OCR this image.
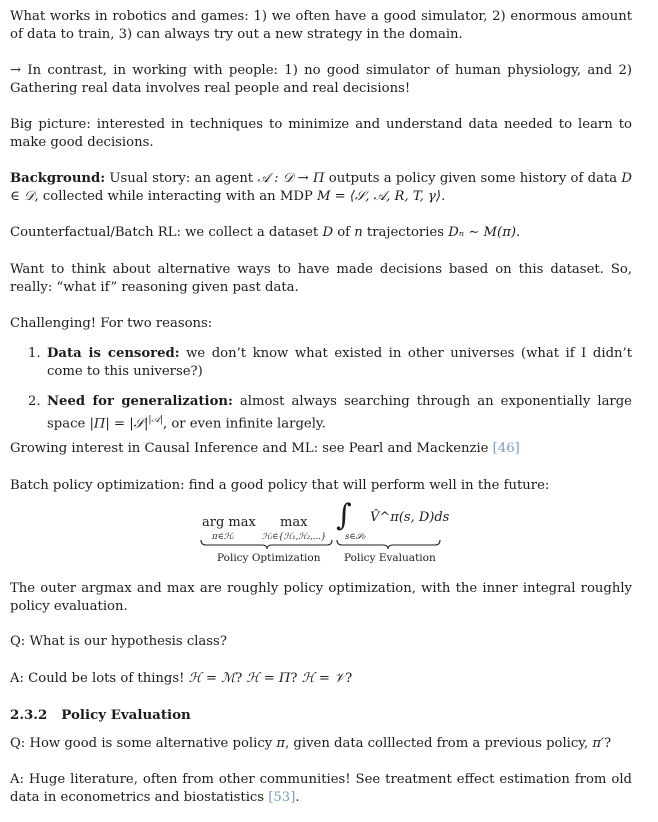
What works in robotics and games: 1) we often have a good simulator, 2) enormous amount of data to train, 3) can always try out a new strategy in the domain.
→ In contrast, in working with people: 1) no good simulator of human physiology, and 2) Gathering real data involves real people and real decisions!
Big picture: interested in techniques to minimize and understand data needed to learn to make good decisions.
Background: Usual story: an agent 𝒜 : 𝒟 → Π outputs a policy given some history of data D ∈ 𝒟, collected while interacting with an MDP M = ⟨𝒮, 𝒜, R, T, γ⟩.
Counterfactual/Batch RL: we collect a dataset D of n trajectories Dₙ ∼ M(π).
Want to think about alternative ways to have made decisions based on this dataset. So, really: “what if” reasoning given past data.
Challenging! For two reasons:
1. Data is censored: we don’t know what existed in other universes (what if I didn’t come to this universe?)
2. Need for generalization: almost always searching through an exponentially large space $|\Pi| = |𝒮|^{|𝒜|}$, or even infinite largely.
Growing interest in Causal Inference and ML: see Pearl and Mackenzie [46]
Batch policy optimization: find a good policy that will perform well in the future:
arg max
π∈ℋᵢ
max
ℋᵢ∈{ℋ₁,ℋ₂,...}
∫
s∈𝒮₀
V̂^π(s, D)ds
Policy Optimization Policy Evaluation
The outer argmax and max are roughly policy optimization, with the inner integral roughly policy evaluation.
Q: What is our hypothesis class?
A: Could be lots of things! ℋ = ℳ? ℋ = Π? ℋ = 𝒱?
2.3.2 Policy Evaluation
Q: How good is some alternative policy π, given data colllected from a previous policy, π′?
A: Huge literature, often from other communities! See treatment effect estimation from old data in econometrics and biostatistics [53].
